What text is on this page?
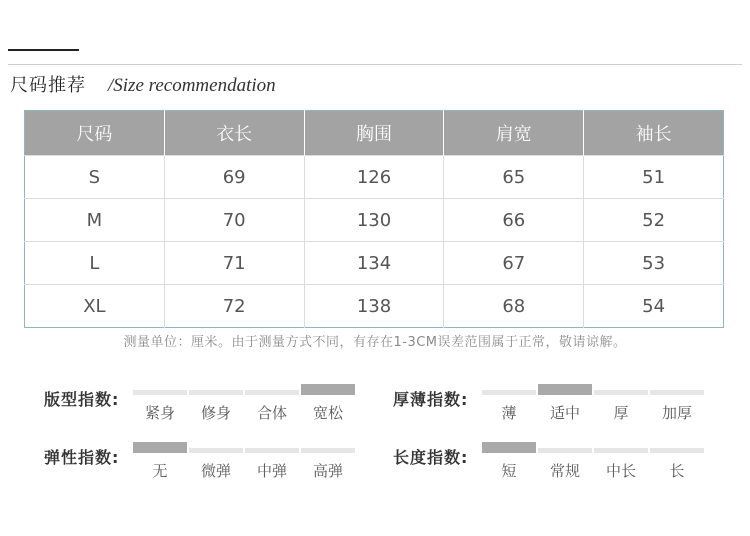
尺码推荐 /Size recommendation
尺码	衣长	胸围	肩宽	袖长
S	69	126	65	51
M	70	130	66	52
L	71	134	67	53
XL	72	138	68	54
测量单位：厘米。由于测量方式不同，有存在1-3CM误差范围属于正常，敬请谅解。
版型指数:
紧身	修身	合体	宽松
厚薄指数:
薄	适中	厚	加厚
弹性指数:
无	微弹	中弹	高弹
长度指数:
短	常规	中长	长
